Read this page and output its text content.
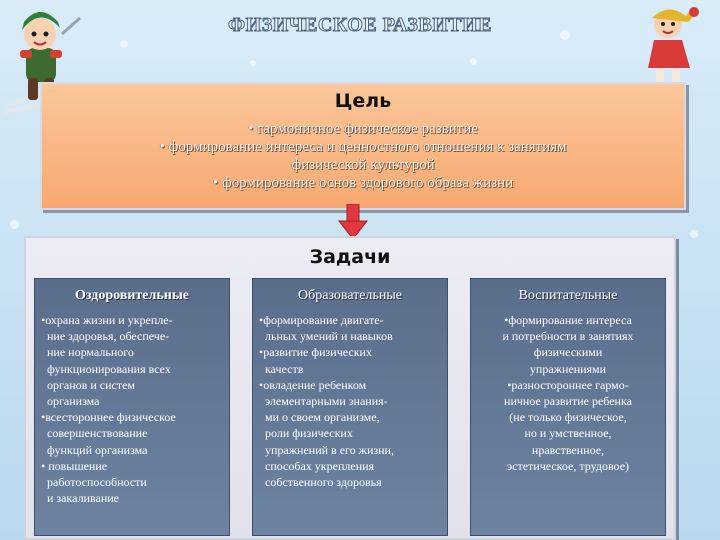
ФИЗИЧЕСКОЕ РАЗВИТИЕ
Цель
• гармоничное физическое развитие
• формирование интереса и ценностного отношения к занятиям
физической культурой
• формирование основ здорового образа жизни
Задачи
Оздоровительные
•охрана жизни и укрепле-
ние здоровья, обеспече-
ние нормального
функционирования всех
органов и систем
организма
•всестороннее физическое
совершенствование
функций организма
• повышение
работоспособности
и закаливание
Образовательные
•формирование двигате-
льных умений и навыков
•развитие физических
качеств
•овладение ребенком
элементарными знания-
ми о своем организме,
роли физических
упражнений в его жизни,
способах укрепления
собственного здоровья
Воспитательные
•формирование интереса
и потребности в занятиях
физическими
упражнениями
•разностороннее гармо-
ничное развитие ребенка
(не только физическое,
но и умственное,
нравственное,
эстетическое, трудовое)
